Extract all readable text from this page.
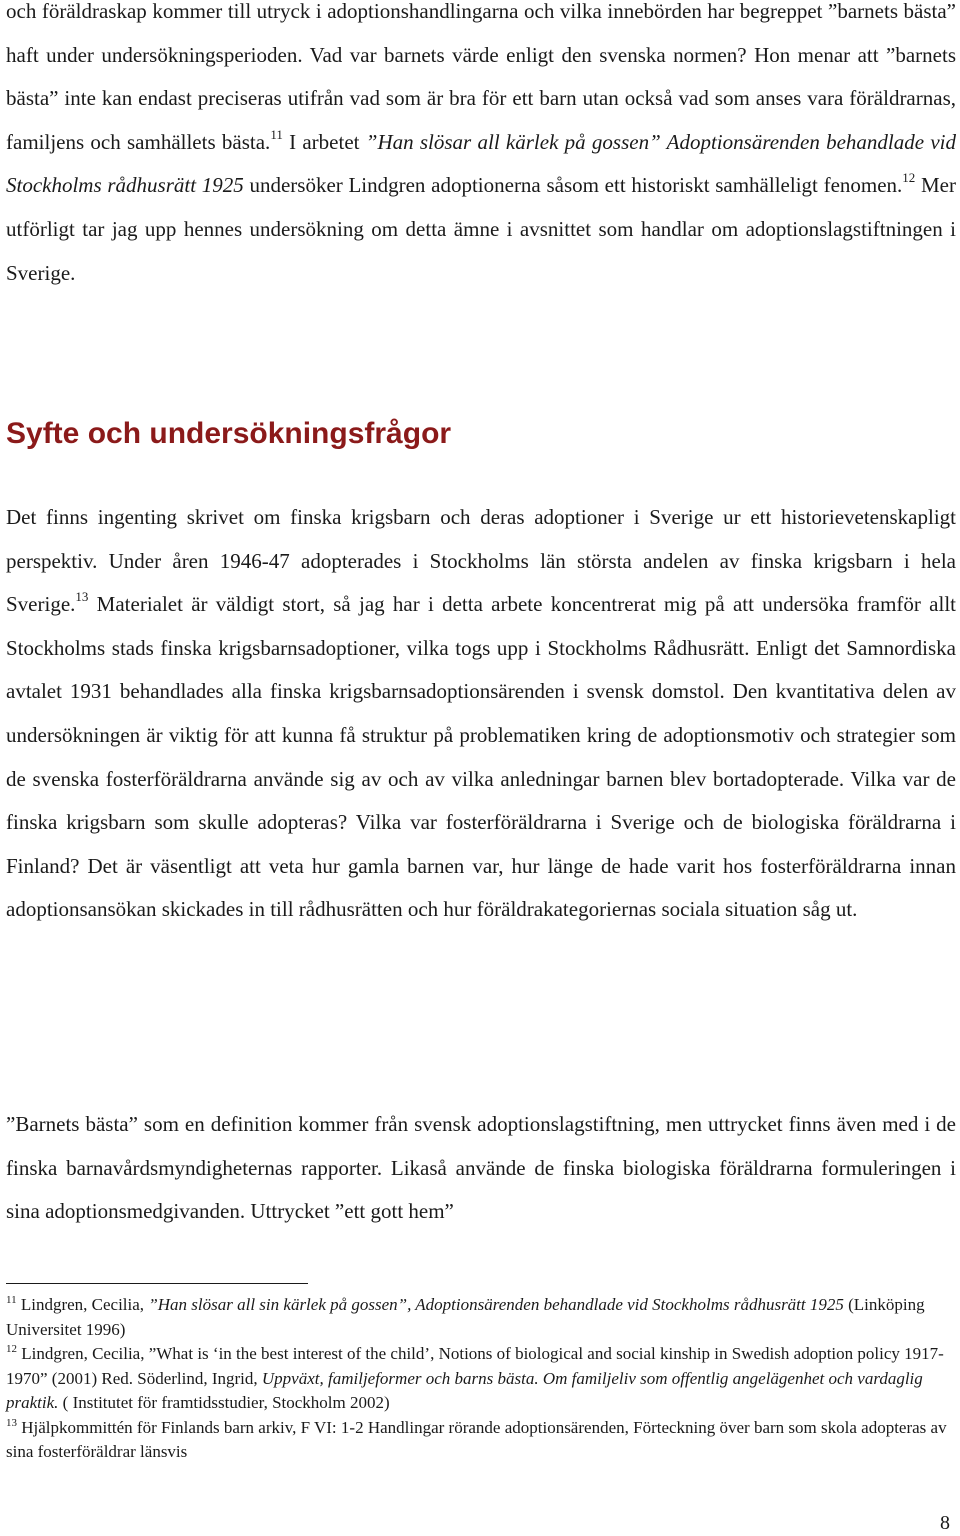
och föräldraskap kommer till utryck i adoptionshandlingarna och vilka innebörden har begreppet ”barnets bästa” haft under undersökningsperioden. Vad var barnets värde enligt den svenska normen? Hon menar att ”barnets bästa” inte kan endast preciseras utifrån vad som är bra för ett barn utan också vad som anses vara föräldrarnas, familjens och samhällets bästa.$^{11}$ I arbetet ”Han slösar all kärlek på gossen” Adoptionsärenden behandlade vid Stockholms rådhusrätt 1925 undersöker Lindgren adoptionerna såsom ett historiskt samhälleligt fenomen.$^{12}$ Mer utförligt tar jag upp hennes undersökning om detta ämne i avsnittet som handlar om adoptionslagstiftningen i Sverige.

Syfte och undersökningsfrågor

Det finns ingenting skrivet om finska krigsbarn och deras adoptioner i Sverige ur ett historievetenskapligt perspektiv. Under åren 1946-47 adopterades i Stockholms län största andelen av finska krigsbarn i hela Sverige.$^{13}$ Materialet är väldigt stort, så jag har i detta arbete koncentrerat mig på att undersöka framför allt Stockholms stads finska krigsbarnsadoptioner, vilka togs upp i Stockholms Rådhusrätt. Enligt det Samnordiska avtalet 1931 behandlades alla finska krigsbarnsadoptionsärenden i svensk domstol. Den kvantitativa delen av undersökningen är viktig för att kunna få struktur på problematiken kring de adoptionsmotiv och strategier som de svenska fosterföräldrarna använde sig av och av vilka anledningar barnen blev bortadopterade. Vilka var de finska krigsbarn som skulle adopteras? Vilka var fosterföräldrarna i Sverige och de biologiska föräldrarna i Finland? Det är väsentligt att veta hur gamla barnen var, hur länge de hade varit hos fosterföräldrarna innan adoptionsansökan skickades in till rådhusrätten och hur föräldrakategoriernas sociala situation såg ut.

”Barnets bästa” som en definition kommer från svensk adoptionslagstiftning, men uttrycket finns även med i de finska barnavårdsmyndigheternas rapporter. Likaså använde de finska biologiska föräldrarna formuleringen i sina adoptionsmedgivanden. Uttrycket ”ett gott hem”

$^{11}$ Lindgren, Cecilia, ”Han slösar all sin kärlek på gossen”, Adoptionsärenden behandlade vid Stockholms rådhusrätt 1925 (Linköping Universitet 1996)

$^{12}$ Lindgren, Cecilia, ”What is ‘in the best interest of the child’, Notions of biological and social kinship in Swedish adoption policy 1917-1970” (2001) Red. Söderlind, Ingrid, Uppväxt, familjeformer och barns bästa. Om familjeliv som offentlig angelägenhet och vardaglig praktik. ( Institutet för framtidsstudier, Stockholm 2002)

$^{13}$ Hjälpkommittén för Finlands barn arkiv, F VI: 1-2 Handlingar rörande adoptionsärenden, Förteckning över barn som skola adopteras av sina fosterföräldrar länsvis

8
